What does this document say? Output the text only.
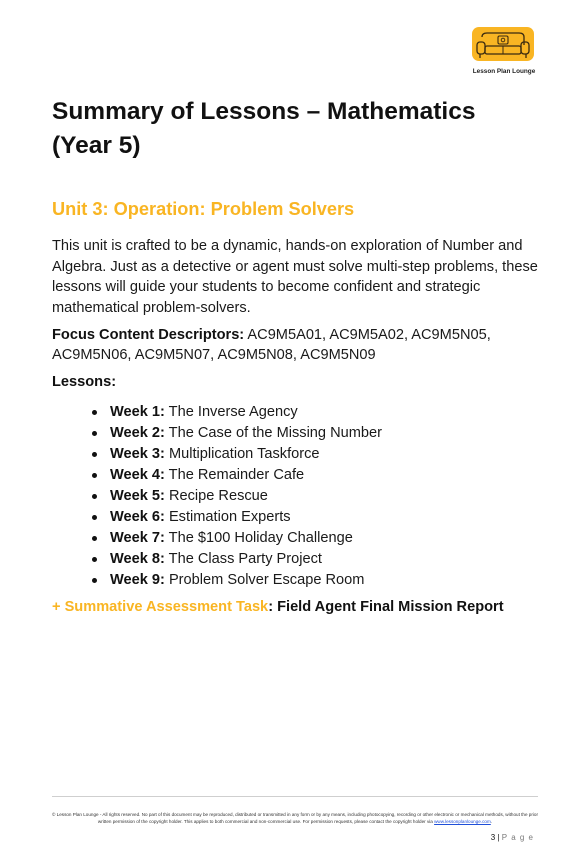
Lesson Plan Lounge
Summary of Lessons – Mathematics (Year 5)
Unit 3: Operation: Problem Solvers

This unit is crafted to be a dynamic, hands-on exploration of Number and Algebra. Just as a detective or agent must solve multi-step problems, these lessons will guide your students to become confident and strategic mathematical problem-solvers.

Focus Content Descriptors: AC9M5A01, AC9M5A02, AC9M5N05, AC9M5N06, AC9M5N07, AC9M5N08, AC9M5N09

Lessons:

Week 1: The Inverse Agency
Week 2: The Case of the Missing Number
Week 3: Multiplication Taskforce
Week 4: The Remainder Cafe
Week 5: Recipe Rescue
Week 6: Estimation Experts
Week 7: The $100 Holiday Challenge
Week 8: The Class Party Project
Week 9: Problem Solver Escape Room

+ Summative Assessment Task: Field Agent Final Mission Report

© Lesson Plan Lounge - All rights reserved. No part of this document may be reproduced, distributed or transmitted in any form or by any means, including photocopying, recording or other electronic or mechanical methods, without the prior written permission of the copyright holder. This applies to both commercial and non-commercial use. For permission requests, please contact the copyright holder via www.lessonplanlounge.com.

3 | P a g e
